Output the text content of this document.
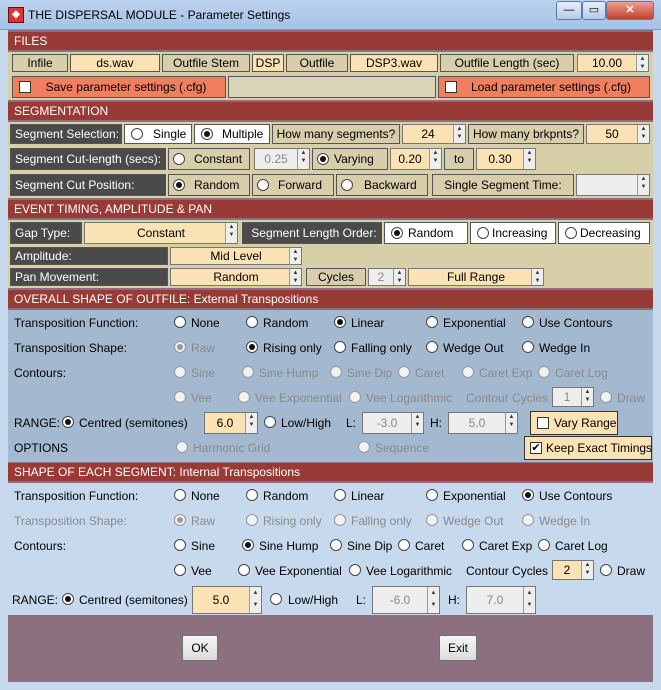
◆ THE DISPERSAL MODULE - Parameter Settings	—	▭	✕
FILES
Infile	ds.wav	Outfile Stem	DSP	Outfile	DSP3.wav	Outfile Length (sec)	10.00	▲
▼
Save parameter settings (.cfg)	Load parameter settings (.cfg)
SEGMENTATION
Segment Selection:	Single	Multiple	How many segments?	24	▲
▼ How many brkpnts?	50	▲
▼
Segment Cut-length (secs):	Constant	0.25	▲
▼ Varying	0.20	▲
▼	to	0.30	▲
▼
Segment Cut Position:	Random	Forward	Backward	Single Segment Time:	▲
▼
EVENT TIMING, AMPLITUDE & PAN
Gap Type:	Constant	▲
▼	Segment Length Order:	Random	Increasing	Decreasing
Amplitude:	Mid Level	▲
▼
Pan Movement:	Random	▲
▼	Cycles	2	▲
▼	Full Range	▲
▼
OVERALL SHAPE OF OUTFILE: External Transpositions
Transposition Function:	None	Random	Linear	Exponential	Use Contours
Transposition Shape:	Raw	Rising only Falling only	Wedge Out	Wedge In
Contours:	Sine	Sine Hump Sine Dip Caret	Caret Exp Caret Log
Vee	Vee Exponential Vee Logarithmic Contour Cycles	1	▲
▼ Draw
RANGE: Centred (semitones)	6.0	▲
▼ Low/High L:	-3.0	▲
▼ H:	5.0	▲
▼	Vary Range
OPTIONS	Harmonic Grid	Sequence	✔ Keep Exact Timings
SHAPE OF EACH SEGMENT: Internal Transpositions
Transposition Function:	None	Random	Linear	Exponential	Use Contours
Transposition Shape:	Raw	Rising only Falling only	Wedge Out	Wedge In
Contours:	Sine	Sine Hump Sine Dip Caret	Caret Exp Caret Log
Vee	Vee Exponential Vee Logarithmic Contour Cycles	2	▲
▼ Draw
RANGE: Centred (semitones)	5.0	▲
▼ Low/High L:	-6.0	▲
▼ H:	7.0	▲
▼
OK	Exit
